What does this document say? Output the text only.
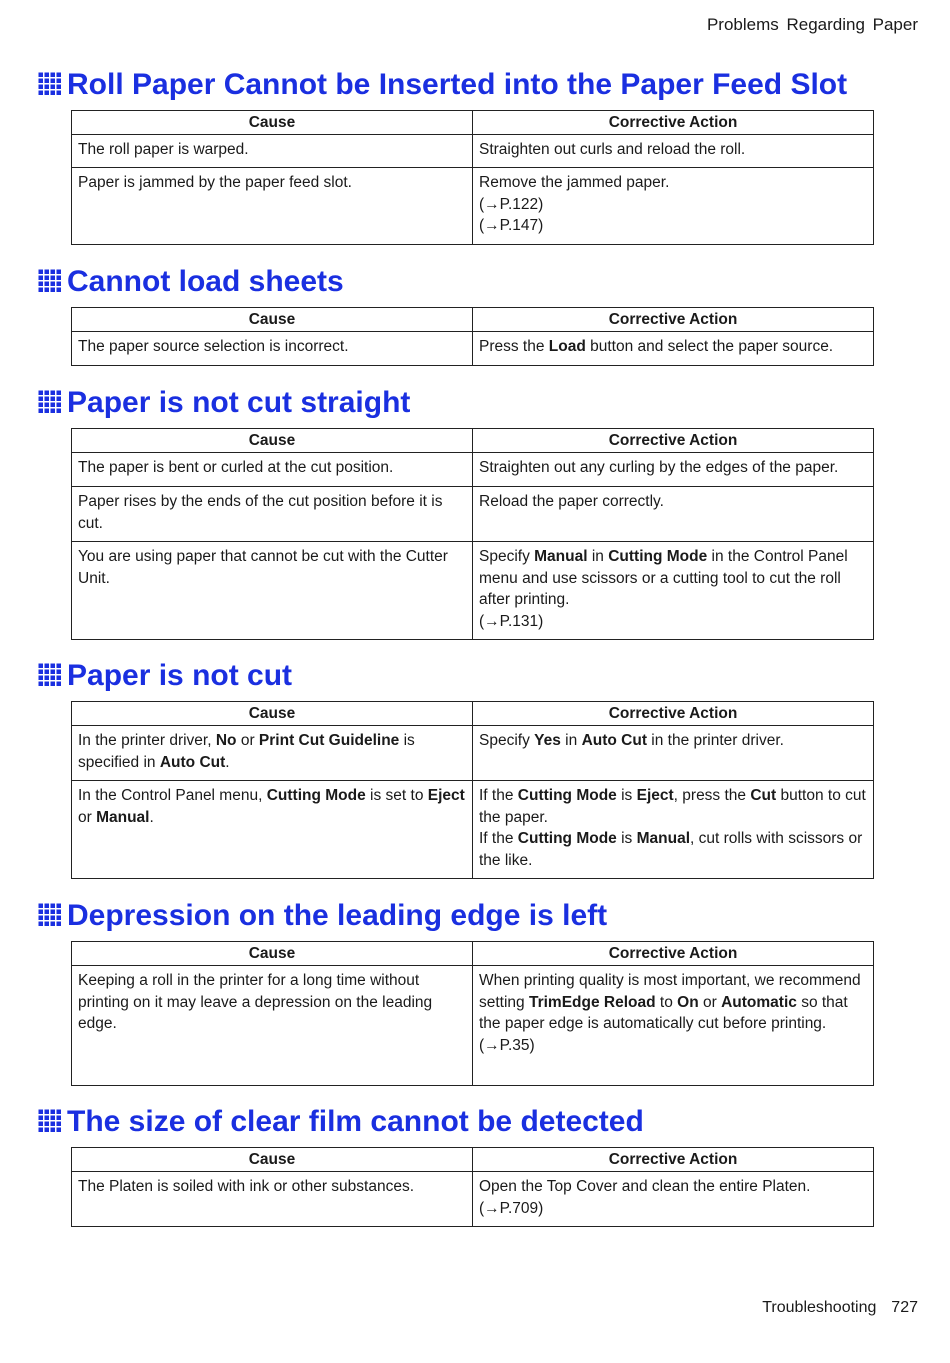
Problems Regarding Paper
Roll Paper Cannot be Inserted into the Paper Feed Slot
Cause	Corrective Action
The roll paper is warped.	Straighten out curls and reload the roll.
Paper is jammed by the paper feed slot.	Remove the jammed paper.
(→P.122)
(→P.147)
Cannot load sheets
Cause	Corrective Action
The paper source selection is incorrect.	Press the Load button and select the paper source.
Paper is not cut straight
Cause	Corrective Action
The paper is bent or curled at the cut position.	Straighten out any curling by the edges of the paper.
Paper rises by the ends of the cut position before it is cut.	Reload the paper correctly.
You are using paper that cannot be cut with the Cutter Unit.	Specify Manual in Cutting Mode in the Control Panel menu and use scissors or a cutting tool to cut the roll after printing.
(→P.131)
Paper is not cut
Cause	Corrective Action
In the printer driver, No or Print Cut Guideline is specified in Auto Cut.	Specify Yes in Auto Cut in the printer driver.
In the Control Panel menu, Cutting Mode is set to Eject or Manual.	If the Cutting Mode is Eject, press the Cut button to cut the paper.
If the Cutting Mode is Manual, cut rolls with scissors or the like.
Depression on the leading edge is left
Cause	Corrective Action
Keeping a roll in the printer for a long time without printing on it may leave a depression on the leading edge.	When printing quality is most important, we recommend setting TrimEdge Reload to On or Automatic so that the paper edge is automatically cut before printing.
(→P.35)
The size of clear film cannot be detected
Cause	Corrective Action
The Platen is soiled with ink or other substances.	Open the Top Cover and clean the entire Platen.
(→P.709)
Troubleshooting 727
